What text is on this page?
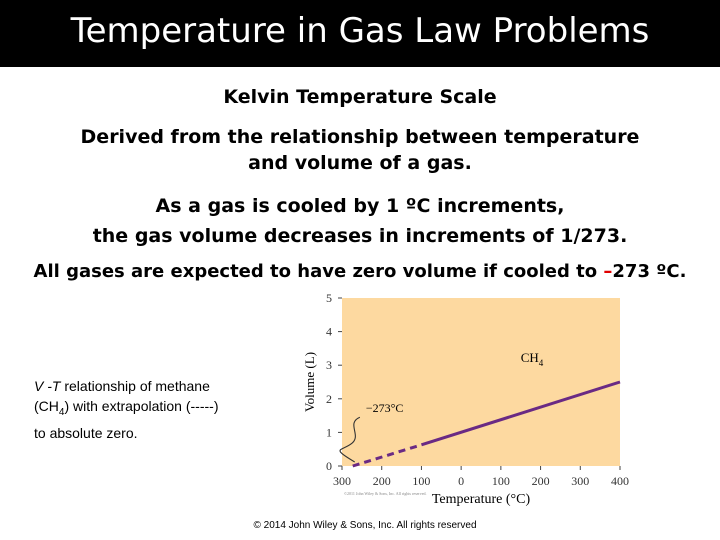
Temperature in Gas Law Problems
Kelvin Temperature Scale
Derived from the relationship between temperature
and volume of a gas.
As a gas is cooled by 1 ºC increments,
the gas volume decreases in increments of 1/273.
All gases are expected to have zero volume if cooled to –273 ºC.
V -T relationship of methane
$(CH_4)$ with extrapolation (-----)
to absolute zero.
0
1
2
3
4
5
300 200 100 0 100 200 300 400
Temperature (°C)
Volume (L)	$CH_4$
−273°C
©2011 John Wiley & Sons, Inc. All rights reserved.
© 2014 John Wiley & Sons, Inc. All rights reserved
